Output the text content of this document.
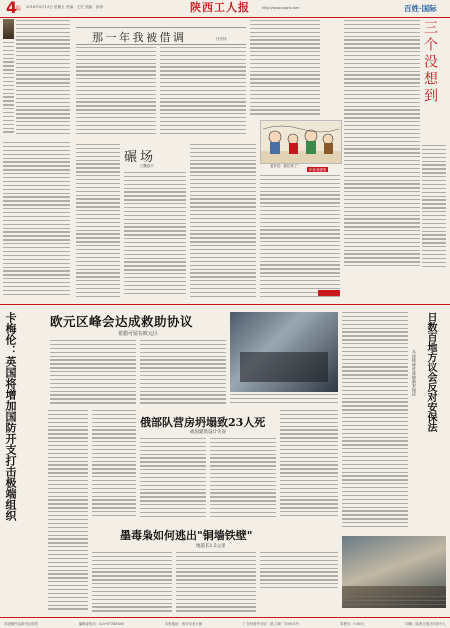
4
版 2016年5月13日 星期五 责编：王宏 美编：彭涛	陕西工人报	http://www.sxgrb.com	百姓·国际
那一年我被借调	吕宏伟
老乡们：我们来了！
作者/姜建明
三个没想到
碾场
□魏治中
欧元区峰会达成救助协议
希腊可留在欧元区
卡梅伦：英国将增加国防开支打击极端组织	俄部队营房坍塌致23人死
或因建筑设计失误
墨毒枭如何逃出"铜墙铁壁"
地道长1.5公里
日数百地方议会反对安保法
多团体呼吁废除新安保法
本版稿件由新华社提供	编辑部电话：029-87345680	本报地址：西安市北大街	广告经营许可证：陕工商广字0001号	零售价：0.80元	印刷：陕西日报社印务中心
